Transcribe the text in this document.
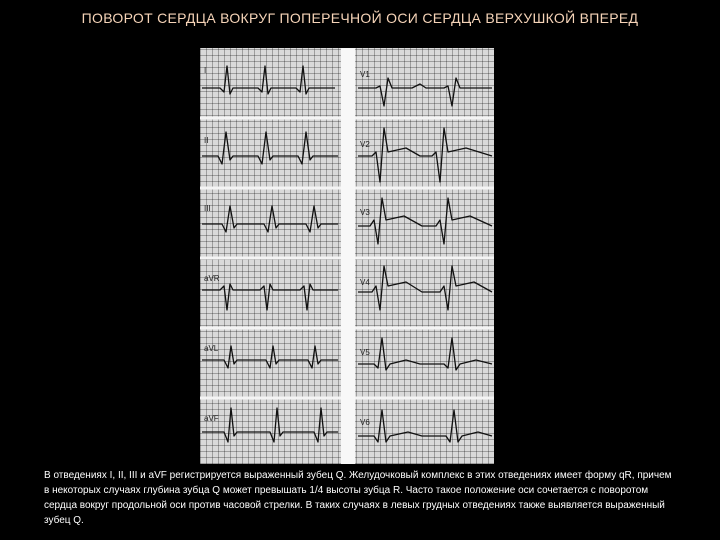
ПОВОРОТ СЕРДЦА ВОКРУГ ПОПЕРЕЧНОЙ ОСИ СЕРДЦА ВЕРХУШКОЙ ВПЕРЕД
I
II
III
aVR
aVL
aVF
V1
V2
V3
V4
V5
V6
В отведениях I, II, III и aVF регистрируется выраженный зубец Q. Желудочковый комплекс в этих отведениях имеет форму qR, причем в некоторых случаях глубина зубца Q может превышать 1/4 высоты зубца R. Часто такое положение оси сочетается с поворотом сердца вокруг продольной оси против часовой стрелки. В таких случаях в левых грудных отведениях также выявляется выраженный зубец Q.
